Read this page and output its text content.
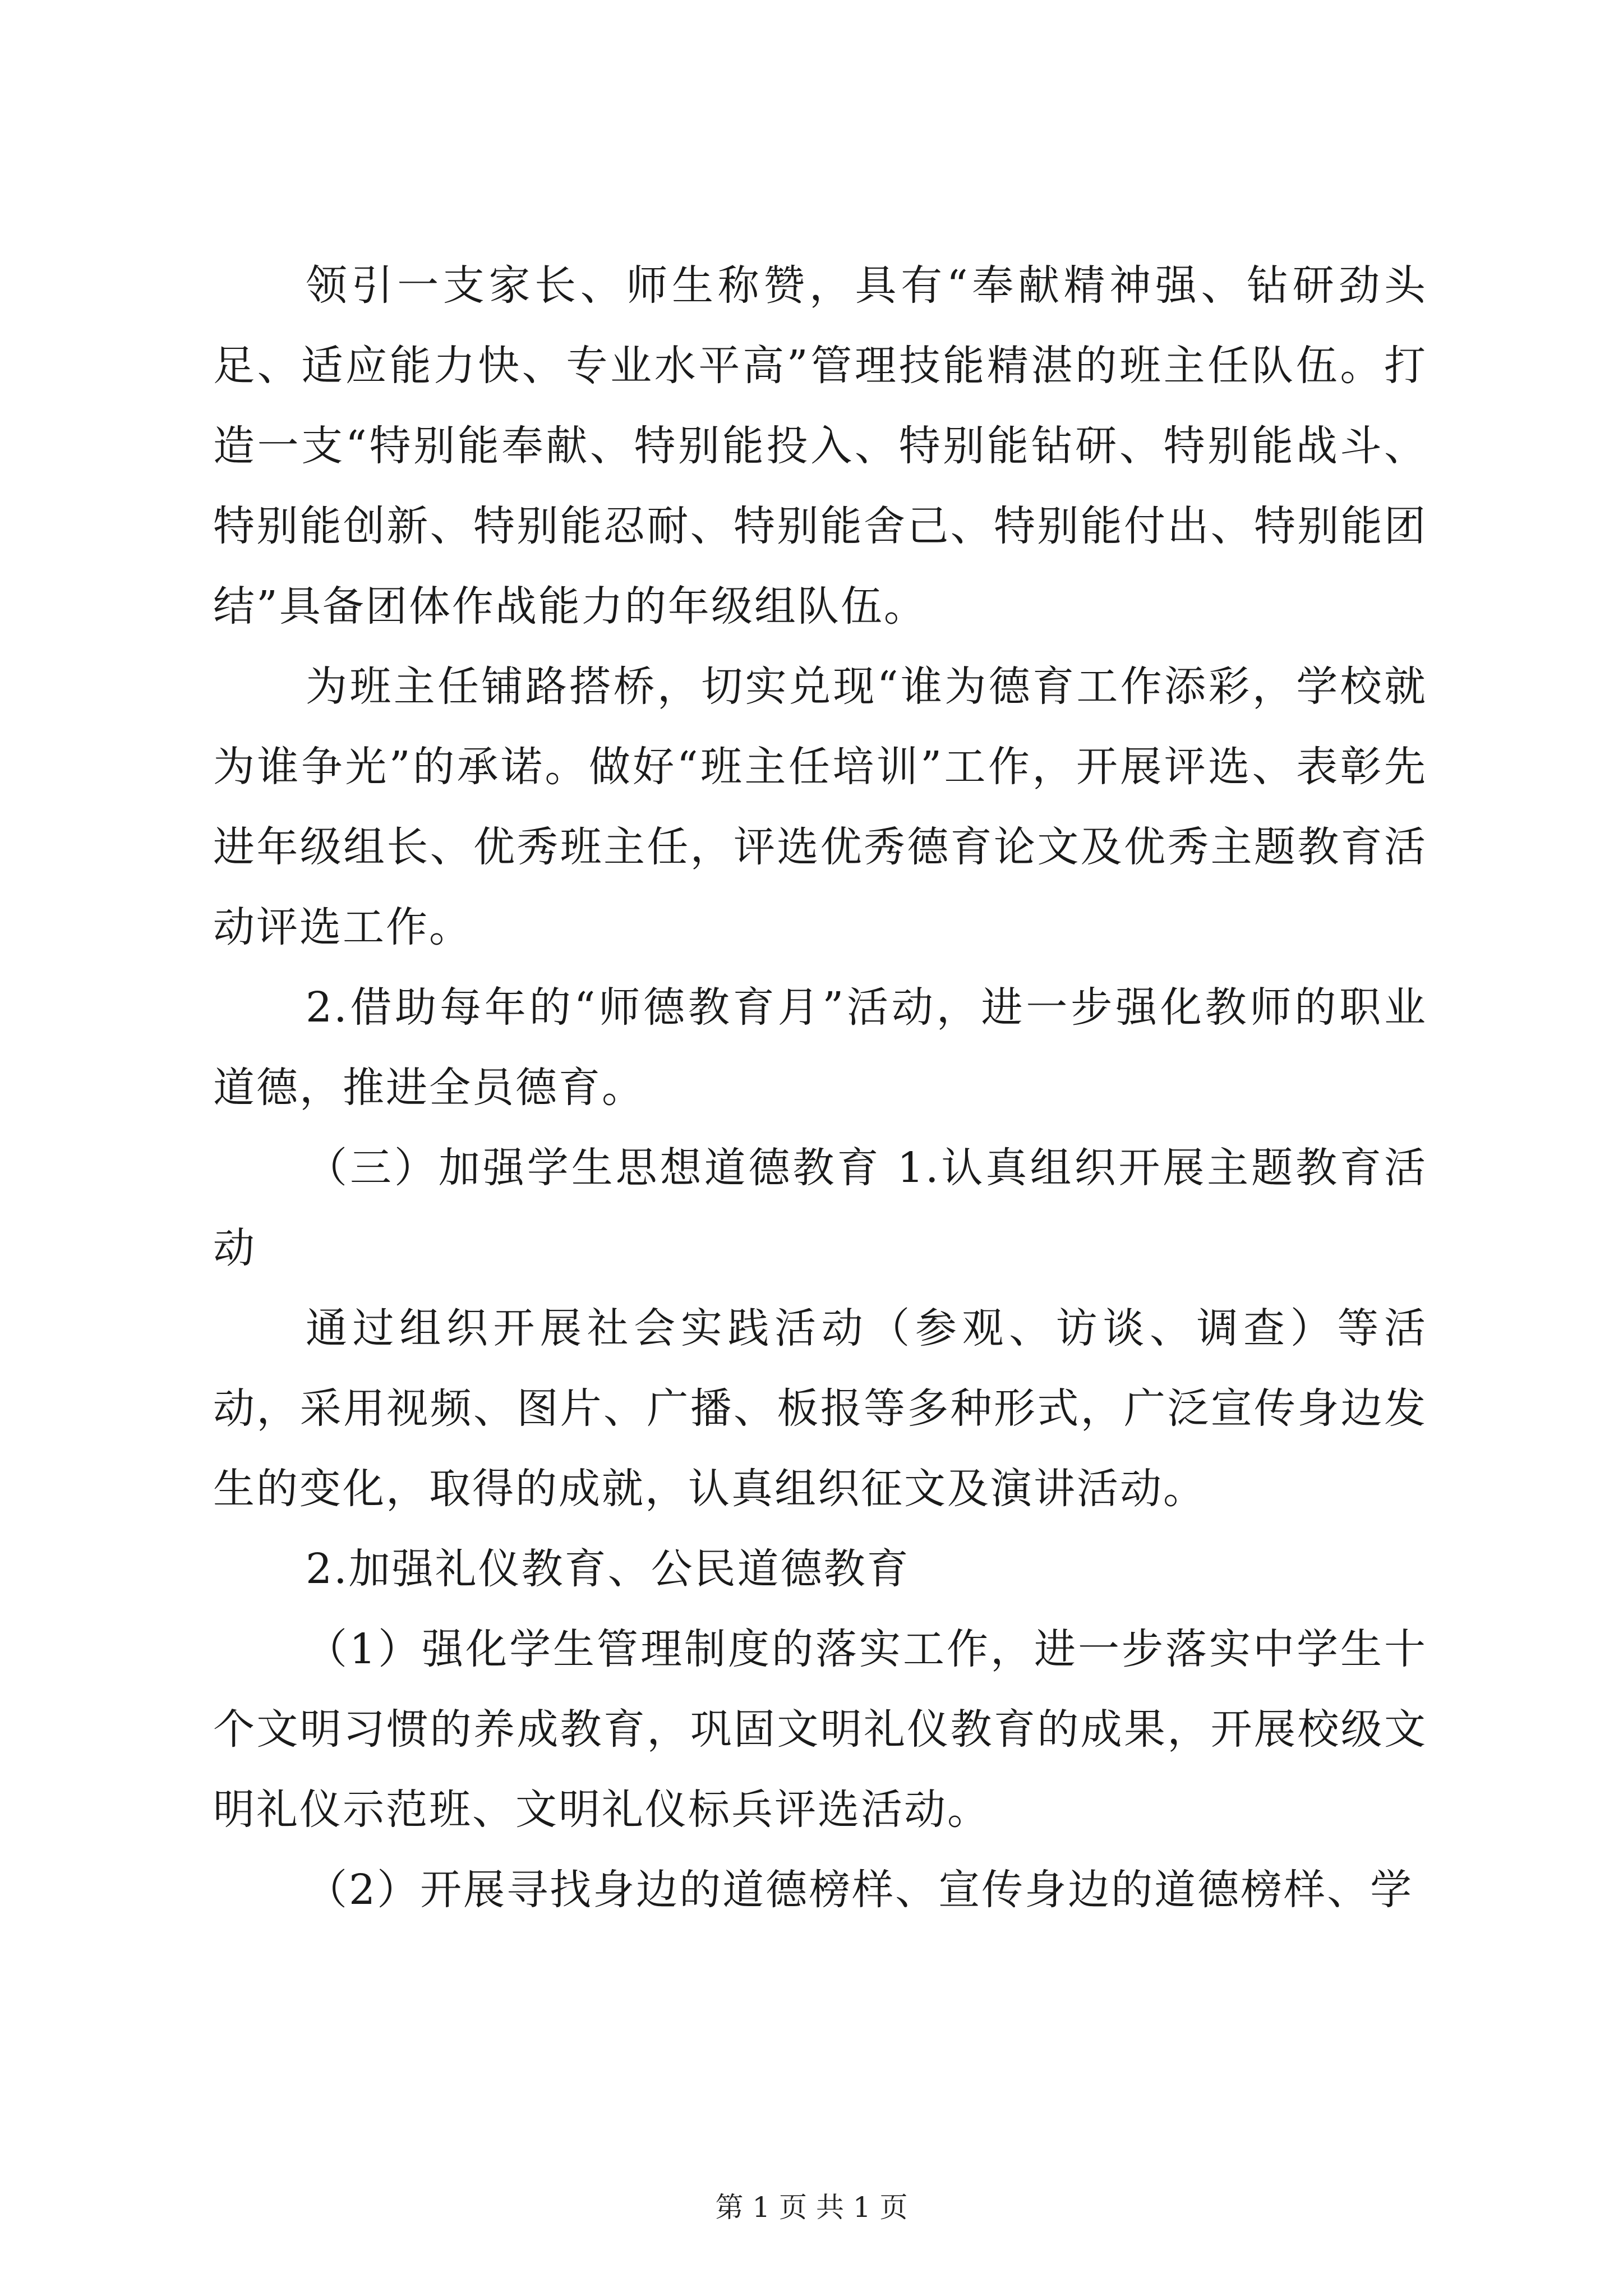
领引一支家长、师生称赞，具有“奉献精神强、钻研劲头足、适应能力快、专业水平高”管理技能精湛的班主任队伍。打造一支“特别能奉献、特别能投入、特别能钻研、特别能战斗、特别能创新、特别能忍耐、特别能舍己、特别能付出、特别能团结”具备团体作战能力的年级组队伍。

为班主任铺路搭桥，切实兑现“谁为德育工作添彩，学校就为谁争光”的承诺。做好“班主任培训”工作，开展评选、表彰先进年级组长、优秀班主任，评选优秀德育论文及优秀主题教育活动评选工作。

2.借助每年的“师德教育月”活动，进一步强化教师的职业道德，推进全员德育。

（三）加强学生思想道德教育 1.认真组织开展主题教育活动

通过组织开展社会实践活动（参观、访谈、调查）等活动，采用视频、图片、广播、板报等多种形式，广泛宣传身边发生的变化，取得的成就，认真组织征文及演讲活动。

2.加强礼仪教育、公民道德教育

（1）强化学生管理制度的落实工作，进一步落实中学生十个文明习惯的养成教育，巩固文明礼仪教育的成果，开展校级文明礼仪示范班、文明礼仪标兵评选活动。

（2）开展寻找身边的道德榜样、宣传身边的道德榜样、学

第 1 页 共 1 页
